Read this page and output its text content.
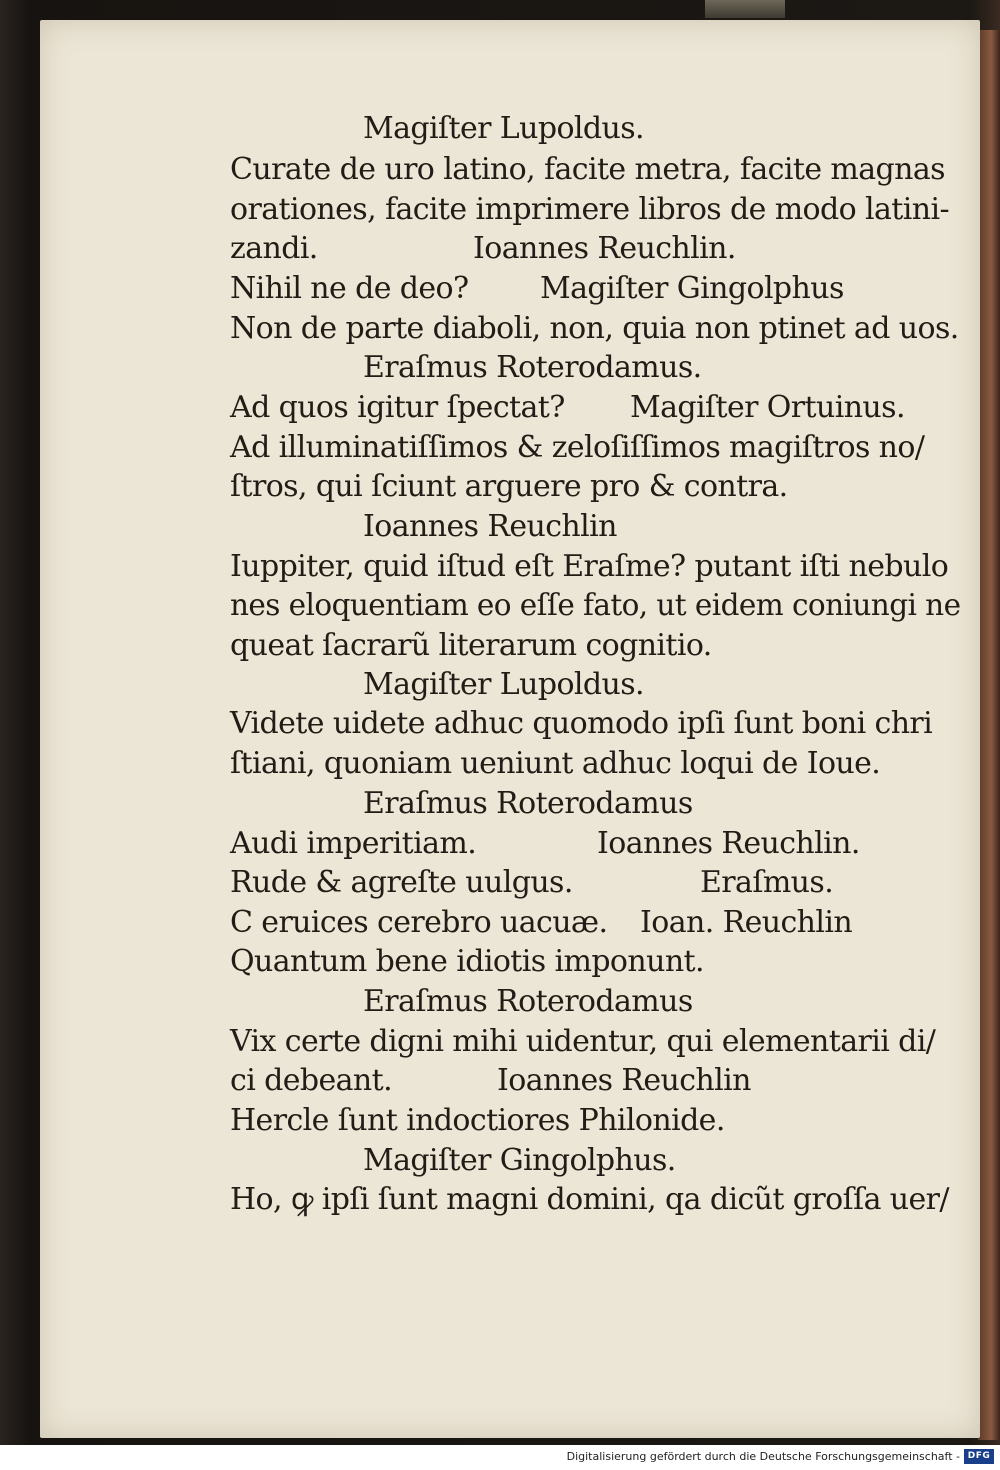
Magiſter Lupoldus.

Curate de uro latino, facite metra, facite magnas

orationes, facite imprimere libros de modo latini-

zandi.	Ioannes Reuchlin.

Nihil ne de deo? Magiſter Gingolphus

Non de parte diaboli, non, quia non ptinet ad uos.

Eraſmus Roterodamus.

Ad quos igitur ſpectat? Magiſter Ortuinus.

Ad illuminatiſſimos & zeloſiſſimos magiſtros no/

ſtros, qui ſciunt arguere pro & contra.

Ioannes Reuchlin

Iuppiter, quid iſtud eſt Eraſme? putant iſti nebulo

nes eloquentiam eo eſſe fato, ut eidem coniungi ne

queat ſacrarũ literarum cognitio.

Magiſter Lupoldus.

Videte uidete adhuc quomodo ipſi ſunt boni chri

ſtiani, quoniam ueniunt adhuc loqui de Ioue.

Eraſmus Roterodamus

Audi imperitiam.	Ioannes Reuchlin.

Rude & agreſte uulgus.	Eraſmus.

C eruices cerebro uacuæ. Ioan. Reuchlin

Quantum bene idiotis imponunt.

Eraſmus Roterodamus

Vix certe digni mihi uidentur, qui elementarii di/

ci debeant.	Ioannes Reuchlin

Hercle ſunt indoctiores Philonide.

Magiſter Gingolphus.

Ho, ꝙ ipſi ſunt magni domini, qa dicũt groſſa uer/

Digitalisierung gefördert durch die Deutsche Forschungsgemeinschaft - DFG
